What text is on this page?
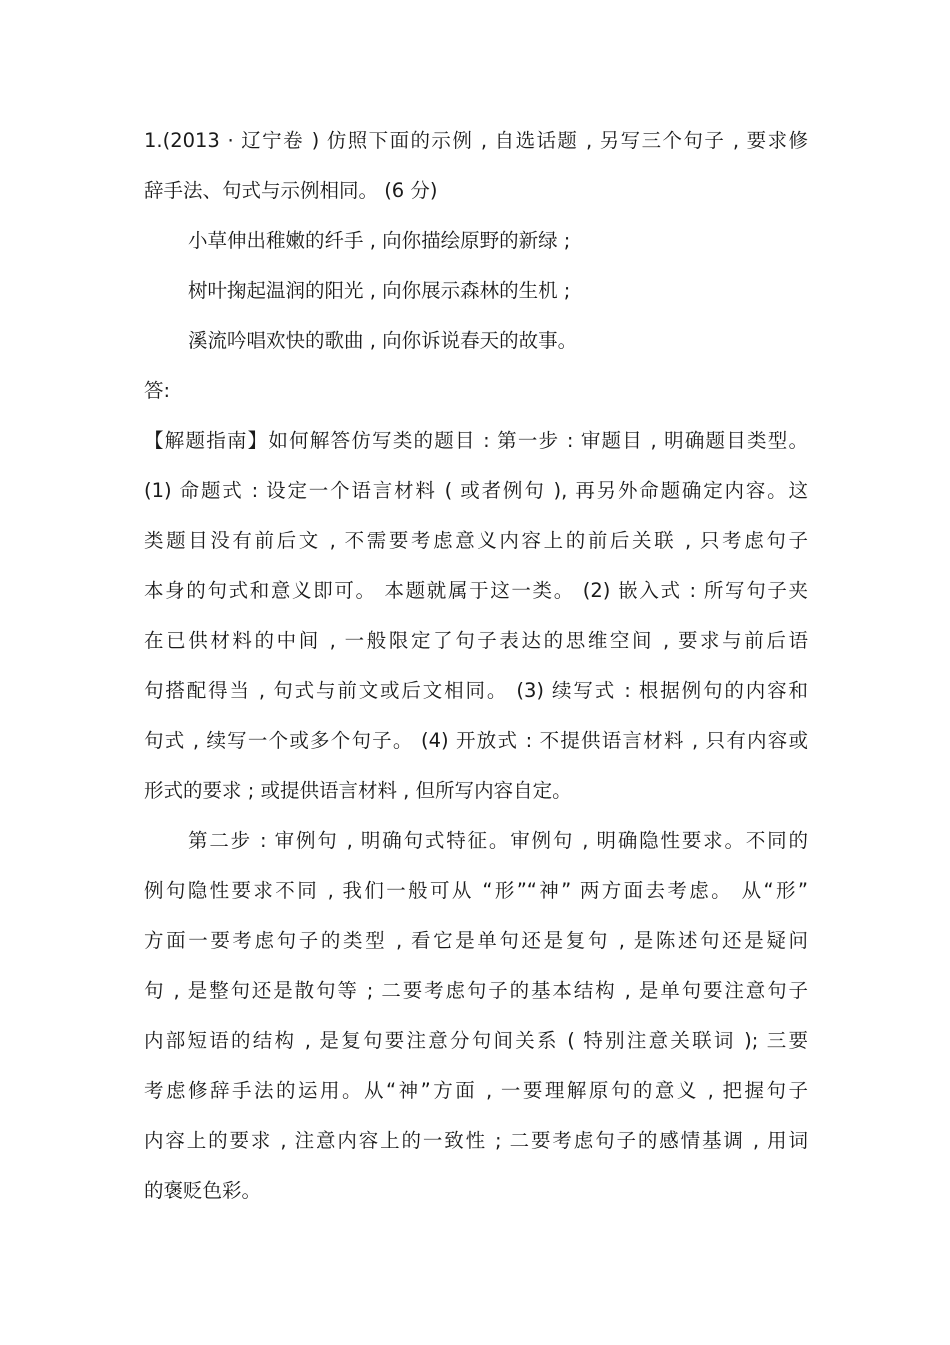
1.(2013 · 辽宁卷 ) 仿照下面的示例 , 自选话题 , 另写三个句子 , 要求修
辞手法、句式与示例相同。 (6 分)
小草伸出稚嫩的纤手 , 向你描绘原野的新绿 ;
树叶掬起温润的阳光 , 向你展示森林的生机 ;
溪流吟唱欢快的歌曲 , 向你诉说春天的故事。
答:
【解题指南】如何解答仿写类的题目 : 第一步 : 审题目 , 明确题目类型。
(1) 命题式 : 设定一个语言材料 ( 或者例句 ), 再另外命题确定内容。这
类题目没有前后文 , 不需要考虑意义内容上的前后关联 , 只考虑句子
本身的句式和意义即可。 本题就属于这一类。 (2) 嵌入式 : 所写句子夹
在已供材料的中间 , 一般限定了句子表达的思维空间 , 要求与前后语
句搭配得当 , 句式与前文或后文相同。 (3) 续写式 : 根据例句的内容和
句式 , 续写一个或多个句子。 (4) 开放式 : 不提供语言材料 , 只有内容或
形式的要求 ; 或提供语言材料 , 但所写内容自定。
第二步 : 审例句 , 明确句式特征。审例句 , 明确隐性要求。不同的
例句隐性要求不同 , 我们一般可从 “形”“神” 两方面去考虑。 从“形”
方面一要考虑句子的类型 , 看它是单句还是复句 , 是陈述句还是疑问
句 , 是整句还是散句等 ; 二要考虑句子的基本结构 , 是单句要注意句子
内部短语的结构 , 是复句要注意分句间关系 ( 特别注意关联词 ); 三要
考虑修辞手法的运用。从“神”方面 , 一要理解原句的意义 , 把握句子
内容上的要求 , 注意内容上的一致性 ; 二要考虑句子的感情基调 , 用词
的褒贬色彩。
